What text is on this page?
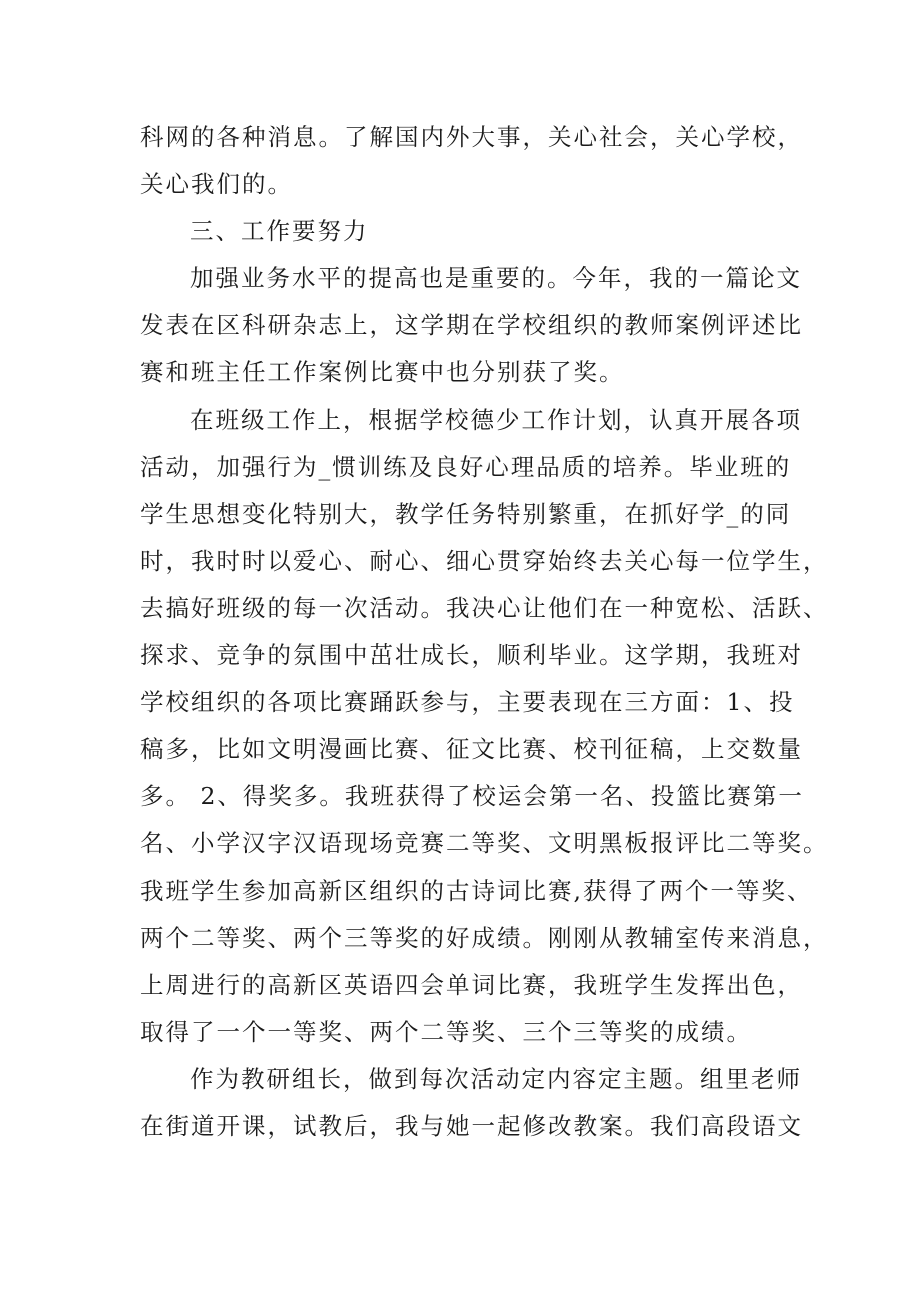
科网的各种消息。了解国内外大事，关心社会，关心学校，
关心我们的。
三、工作要努力
加强业务水平的提高也是重要的。今年，我的一篇论文
发表在区科研杂志上，这学期在学校组织的教师案例评述比
赛和班主任工作案例比赛中也分别获了奖。
在班级工作上，根据学校德少工作计划，认真开展各项
活动，加强行为_惯训练及良好心理品质的培养。毕业班的
学生思想变化特别大，教学任务特别繁重，在抓好学_的同
时，我时时以爱心、耐心、细心贯穿始终去关心每一位学生，
去搞好班级的每一次活动。我决心让他们在一种宽松、活跃、
探求、竞争的氛围中茁壮成长，顺利毕业。这学期，我班对
学校组织的各项比赛踊跃参与，主要表现在三方面：1、投
稿多，比如文明漫画比赛、征文比赛、校刊征稿，上交数量
多。 2、得奖多。我班获得了校运会第一名、投篮比赛第一
名、小学汉字汉语现场竞赛二等奖、文明黑板报评比二等奖。
我班学生参加高新区组织的古诗词比赛,获得了两个一等奖、
两个二等奖、两个三等奖的好成绩。刚刚从教辅室传来消息，
上周进行的高新区英语四会单词比赛，我班学生发挥出色，
取得了一个一等奖、两个二等奖、三个三等奖的成绩。
作为教研组长，做到每次活动定内容定主题。组里老师
在街道开课，试教后，我与她一起修改教案。我们高段语文
